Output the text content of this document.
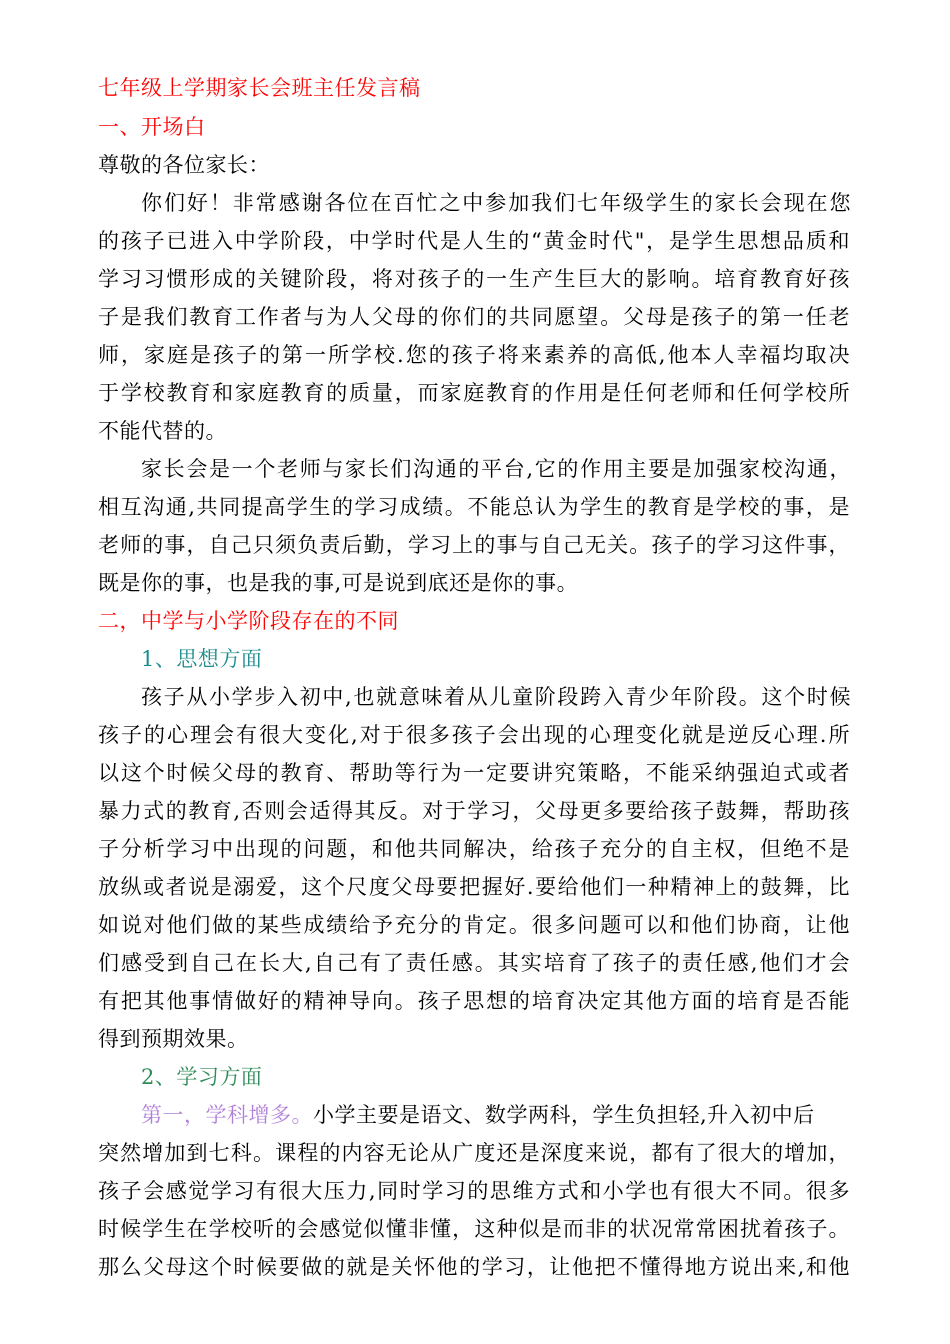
七年级上学期家长会班主任发言稿
一、开场白
尊敬的各位家长：
你们好！非常感谢各位在百忙之中参加我们七年级学生的家长会现在您
的孩子已进入中学阶段，中学时代是人生的“黄金时代"，是学生思想品质和
学习习惯形成的关键阶段，将对孩子的一生产生巨大的影响。培育教育好孩
子是我们教育工作者与为人父母的你们的共同愿望。父母是孩子的第一任老
师，家庭是孩子的第一所学校.您的孩子将来素养的高低,他本人幸福均取决
于学校教育和家庭教育的质量，而家庭教育的作用是任何老师和任何学校所
不能代替的。
家长会是一个老师与家长们沟通的平台,它的作用主要是加强家校沟通，
相互沟通,共同提高学生的学习成绩。不能总认为学生的教育是学校的事，是
老师的事，自己只须负责后勤，学习上的事与自己无关。孩子的学习这件事，
既是你的事，也是我的事,可是说到底还是你的事。
二，中学与小学阶段存在的不同
1、思想方面
孩子从小学步入初中,也就意味着从儿童阶段跨入青少年阶段。这个时候
孩子的心理会有很大变化,对于很多孩子会出现的心理变化就是逆反心理.所
以这个时候父母的教育、帮助等行为一定要讲究策略，不能采纳强迫式或者
暴力式的教育,否则会适得其反。对于学习，父母更多要给孩子鼓舞，帮助孩
子分析学习中出现的问题，和他共同解决，给孩子充分的自主权，但绝不是
放纵或者说是溺爱，这个尺度父母要把握好.要给他们一种精神上的鼓舞，比
如说对他们做的某些成绩给予充分的肯定。很多问题可以和他们协商，让他
们感受到自己在长大,自己有了责任感。其实培育了孩子的责任感,他们才会
有把其他事情做好的精神导向。孩子思想的培育决定其他方面的培育是否能
得到预期效果。
2、学习方面
第一，学科增多。小学主要是语文、数学两科，学生负担轻,升入初中后
突然增加到七科。课程的内容无论从广度还是深度来说，都有了很大的增加，
孩子会感觉学习有很大压力,同时学习的思维方式和小学也有很大不同。很多
时候学生在学校听的会感觉似懂非懂，这种似是而非的状况常常困扰着孩子。
那么父母这个时候要做的就是关怀他的学习，让他把不懂得地方说出来,和他
